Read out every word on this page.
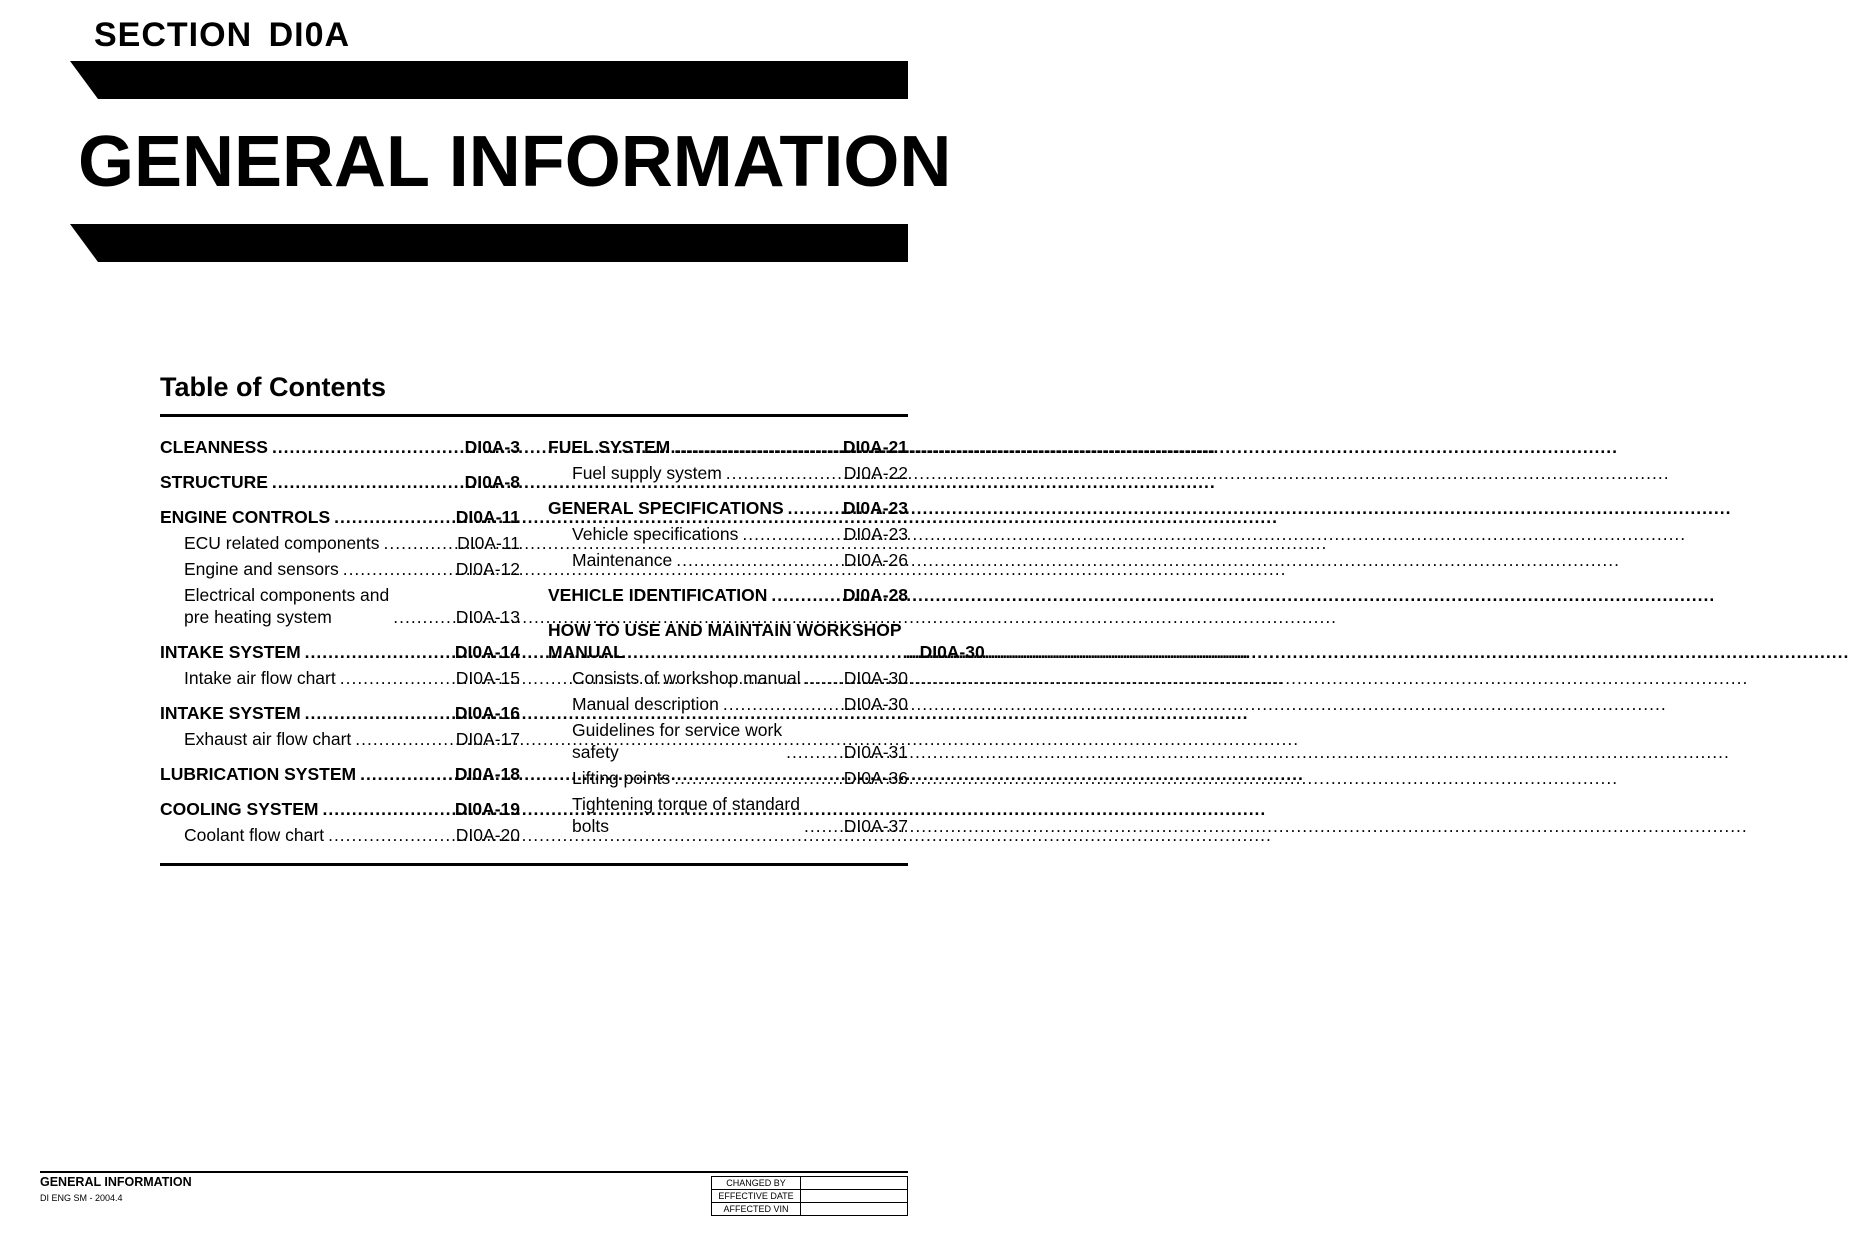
SECTION DI0A
GENERAL INFORMATION
Table of Contents
CLEANNESS .....	DI0A-3
STRUCTURE .....	DI0A-8
ENGINE CONTROLS .....	DI0A-11
ECU related components .....	DI0A-11
Engine and sensors .....	DI0A-12
Electrical components and
pre heating system .....	DI0A-13
INTAKE SYSTEM .....	DI0A-14
Intake air flow chart .....	DI0A-15
INTAKE SYSTEM .....	DI0A-16
Exhaust air flow chart .....	DI0A-17
LUBRICATION SYSTEM .....	DI0A-18
COOLING SYSTEM .....	DI0A-19
Coolant flow chart .....	DI0A-20
FUEL SYSTEM .....	DI0A-21
Fuel supply system .....	DI0A-22
GENERAL SPECIFICATIONS .....	DI0A-23
Vehicle specifications .....	DI0A-23
Maintenance .....	DI0A-26
VEHICLE IDENTIFICATION .....	DI0A-28
HOW TO USE AND MAINTAIN WORKSHOP
MANUAL .....	DI0A-30
Consists of workshop manual ..... DI0A-30
Manual description .....	DI0A-30
Guidelines for service work
safety .....	DI0A-31
Lifting points .....	DI0A-36
Tightening torque of standard
bolts .....	DI0A-37
GENERAL INFORMATION
DI ENG SM - 2004.4
CHANGED BY	
EFFECTIVE DATE	
AFFECTED VIN	
